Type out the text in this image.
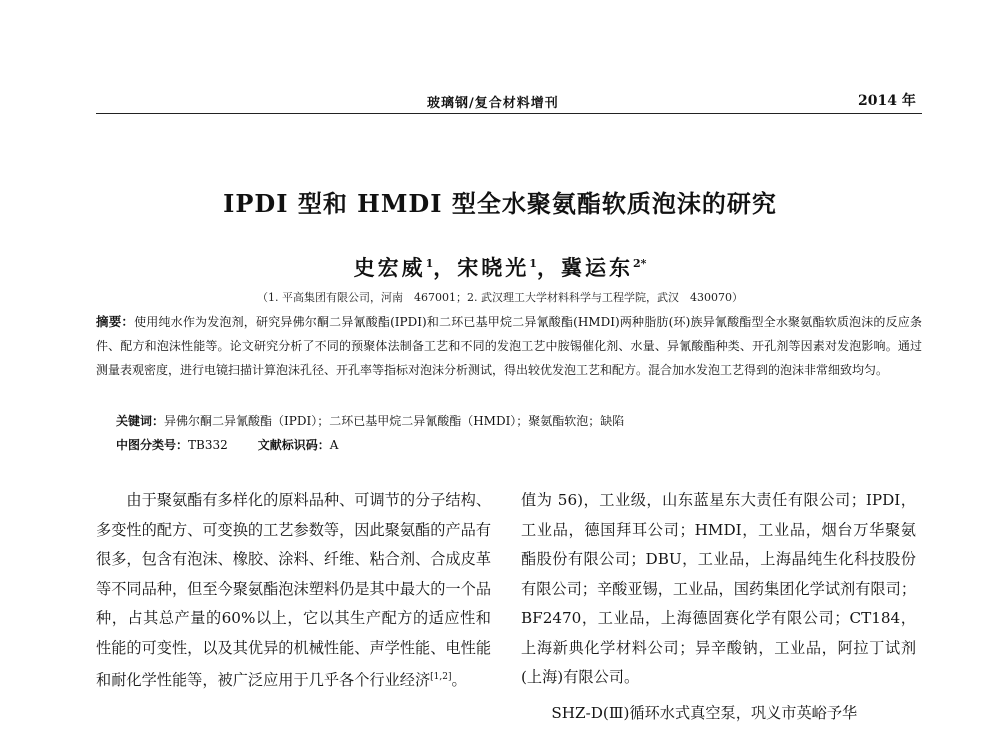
玻璃钢/复合材料增刊	2014 年
IPDI 型和 HMDI 型全水聚氨酯软质泡沫的研究
史宏威$^1$，宋晓光$^1$，冀运东$^{2*}$
（1. 平高集团有限公司，河南　467001；2. 武汉理工大学材料科学与工程学院，武汉　430070）
摘要：使用纯水作为发泡剂，研究异佛尔酮二异氰酸酯(IPDI)和二环已基甲烷二异氰酸酯(HMDI)两种脂肪(环)族异氰酸酯型全水聚氨酯软质泡沫的反应条件、配方和泡沫性能等。论文研究分析了不同的预聚体法制备工艺和不同的发泡工艺中胺锡催化剂、水量、异氰酸酯种类、开孔剂等因素对发泡影响。通过测量表观密度，进行电镜扫描计算泡沫孔径、开孔率等指标对泡沫分析测试，得出较优发泡工艺和配方。混合加水发泡工艺得到的泡沫非常细致均匀。
关键词：异佛尔酮二异氰酸酯（IPDI）；二环已基甲烷二异氰酸酯（HMDI）；聚氨酯软泡；缺陷
中图分类号：TB332	文献标识码：A

由于聚氨酯有多样化的原料品种、可调节的分子结构、多变性的配方、可变换的工艺参数等，因此聚氨酯的产品有很多，包含有泡沫、橡胶、涂料、纤维、粘合剂、合成皮革等不同品种，但至今聚氨酯泡沫塑料仍是其中最大的一个品种，占其总产量的60%以上，它以其生产配方的适应性和性能的可变性，以及其优异的机械性能、声学性能、电性能和耐化学性能等，被广泛应用于几乎各个行业经济[1,2]。

值为 56)，工业级，山东蓝星东大责任有限公司；IPDI，工业品，德国拜耳公司；HMDI，工业品，烟台万华聚氨酯股份有限公司；DBU，工业品，上海晶纯生化科技股份有限公司；辛酸亚锡，工业品，国药集团化学试剂有限司；BF2470，工业品，上海德固赛化学有限公司；CT184，上海新典化学材料公司；异辛酸钠，工业品，阿拉丁试剂(上海)有限公司。

SHZ-D(Ⅲ)循环水式真空泵，巩义市英峪予华
